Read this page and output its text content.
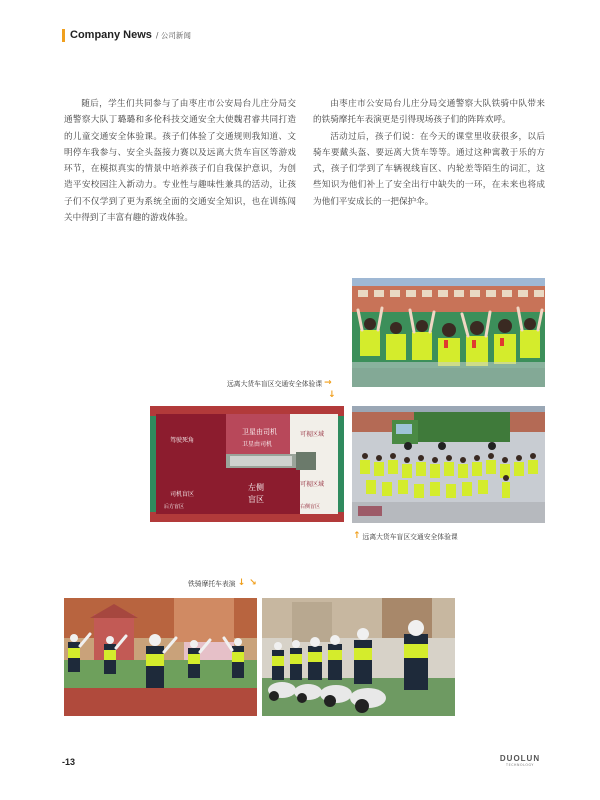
Company News / 公司新闻

随后，学生们共同参与了由枣庄市公安局台儿庄分局交通警察大队丁璐璐和多伦科技交通安全大使魏君睿共同打造的儿童交通安全体验课。孩子们体验了交通规则我知道、文明停车我参与、安全头盔接力赛以及远离大货车盲区等游戏环节，在模拟真实的情景中培养孩子们自我保护意识，为创造平安校园注入新动力。专业性与趣味性兼具的活动，让孩子们不仅学到了更为系统全面的交通安全知识，也在训练闯关中得到了丰富有趣的游戏体验。

由枣庄市公安局台儿庄分局交通警察大队铁骑中队带来的铁骑摩托车表演更是引得现场孩子们的阵阵欢呼。

活动过后，孩子们说：在今天的课堂里收获很多，以后骑车要戴头盔、要远离大货车等等。通过这种寓教于乐的方式，孩子们学到了车辆视线盲区、内轮差等陌生的词汇，这些知识为他们补上了安全出行中缺失的一环，在未来也将成为他们平安成长的一把保护伞。

远离大货车盲区交通安全体验课 →
↓
驾驶死角
卫星由司机	可视区域
可视区域
左侧
盲区
司机盲区
卫星由司机
右侧盲区
后方盲区
↑ 远离大货车盲区交通安全体验课
铁骑摩托车表演 ↓ ↘
-13	DUOLUN
TECHNOLOGY
